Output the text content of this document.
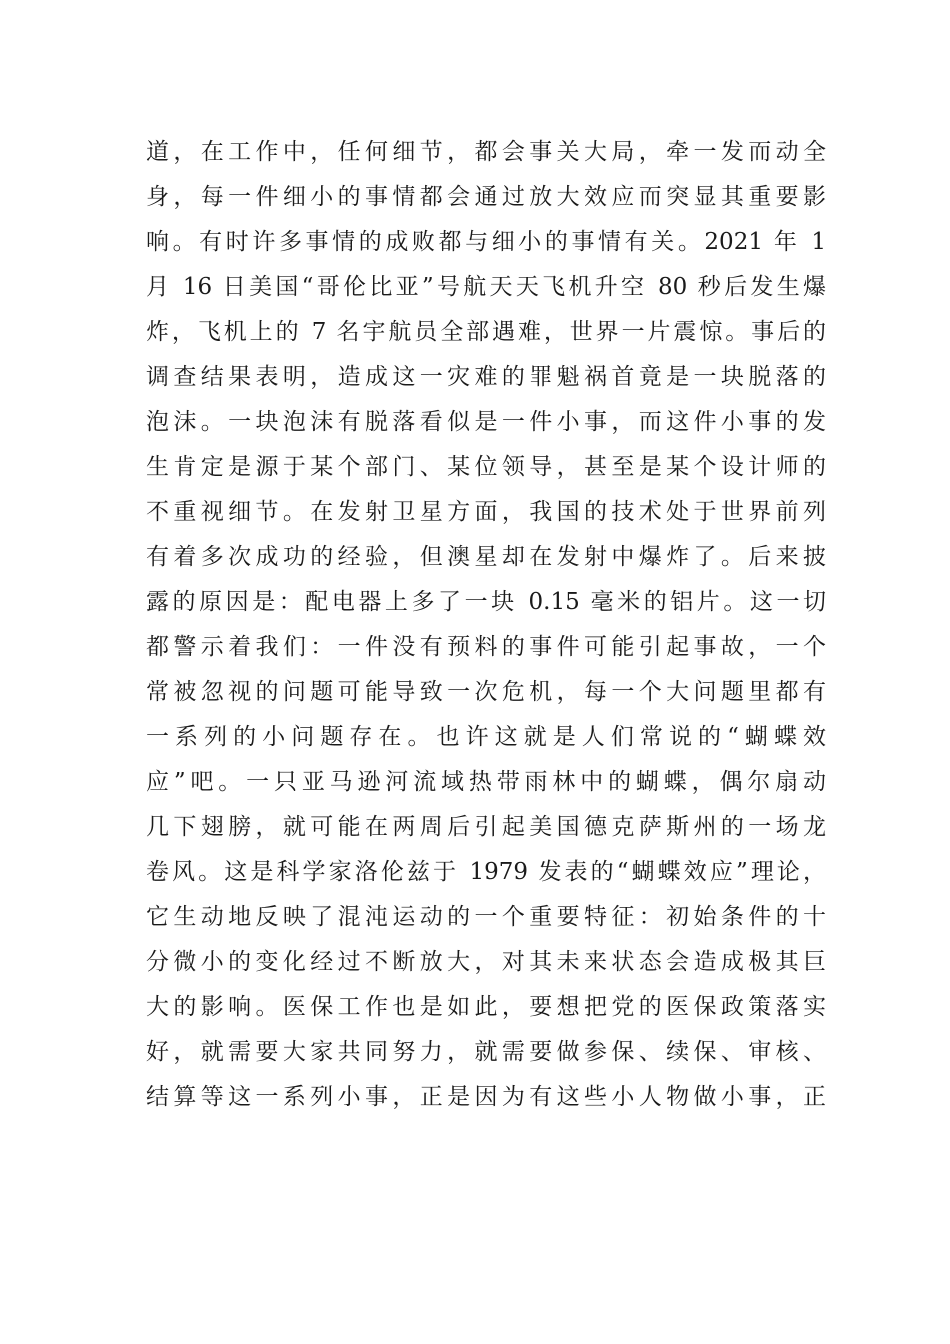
道，在工作中，任何细节，都会事关大局，牵一发而动全
身，每一件细小的事情都会通过放大效应而突显其重要影
响。有时许多事情的成败都与细小的事情有关。2021 年 1
月 16 日美国“哥伦比亚”号航天天飞机升空 80 秒后发生爆
炸，飞机上的 7 名宇航员全部遇难，世界一片震惊。事后的
调查结果表明，造成这一灾难的罪魁祸首竟是一块脱落的
泡沫。一块泡沫有脱落看似是一件小事，而这件小事的发
生肯定是源于某个部门、某位领导，甚至是某个设计师的
不重视细节。在发射卫星方面，我国的技术处于世界前列
有着多次成功的经验，但澳星却在发射中爆炸了。后来披
露的原因是：配电器上多了一块 0.15 毫米的铝片。这一切
都警示着我们：一件没有预料的事件可能引起事故，一个
常被忽视的问题可能导致一次危机，每一个大问题里都有
一系列的小问题存在。也许这就是人们常说的“蝴蝶效
应”吧。一只亚马逊河流域热带雨林中的蝴蝶，偶尔扇动
几下翅膀，就可能在两周后引起美国德克萨斯州的一场龙
卷风。这是科学家洛伦兹于 1979 发表的“蝴蝶效应”理论，
它生动地反映了混沌运动的一个重要特征：初始条件的十
分微小的变化经过不断放大，对其未来状态会造成极其巨
大的影响。医保工作也是如此，要想把党的医保政策落实
好，就需要大家共同努力，就需要做参保、续保、审核、
结算等这一系列小事，正是因为有这些小人物做小事，正
